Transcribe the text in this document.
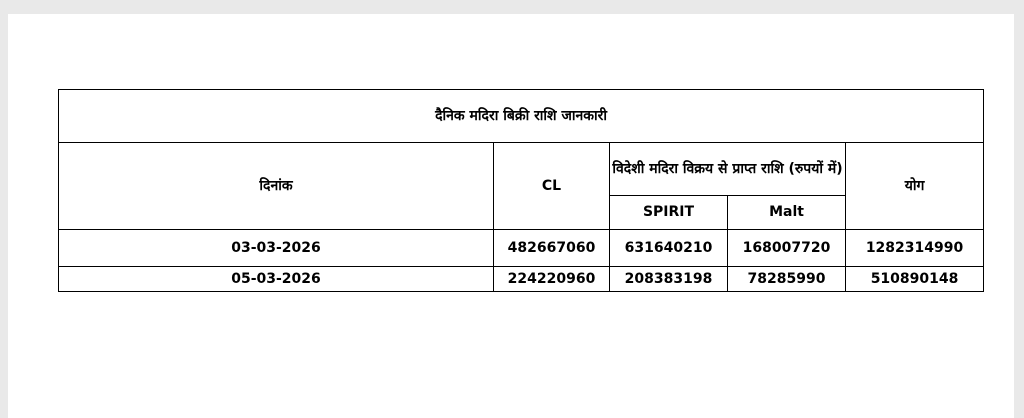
दैनिक मदिरा बिक्री राशि जानकारी				
दिनांक	CL	विदेशी मदिरा विक्रय से प्राप्त राशि (रुपयों में)		योग
		SPIRIT	Malt	
03-03-2026	482667060	631640210	168007720	1282314990
05-03-2026	224220960	208383198	78285990	510890148
